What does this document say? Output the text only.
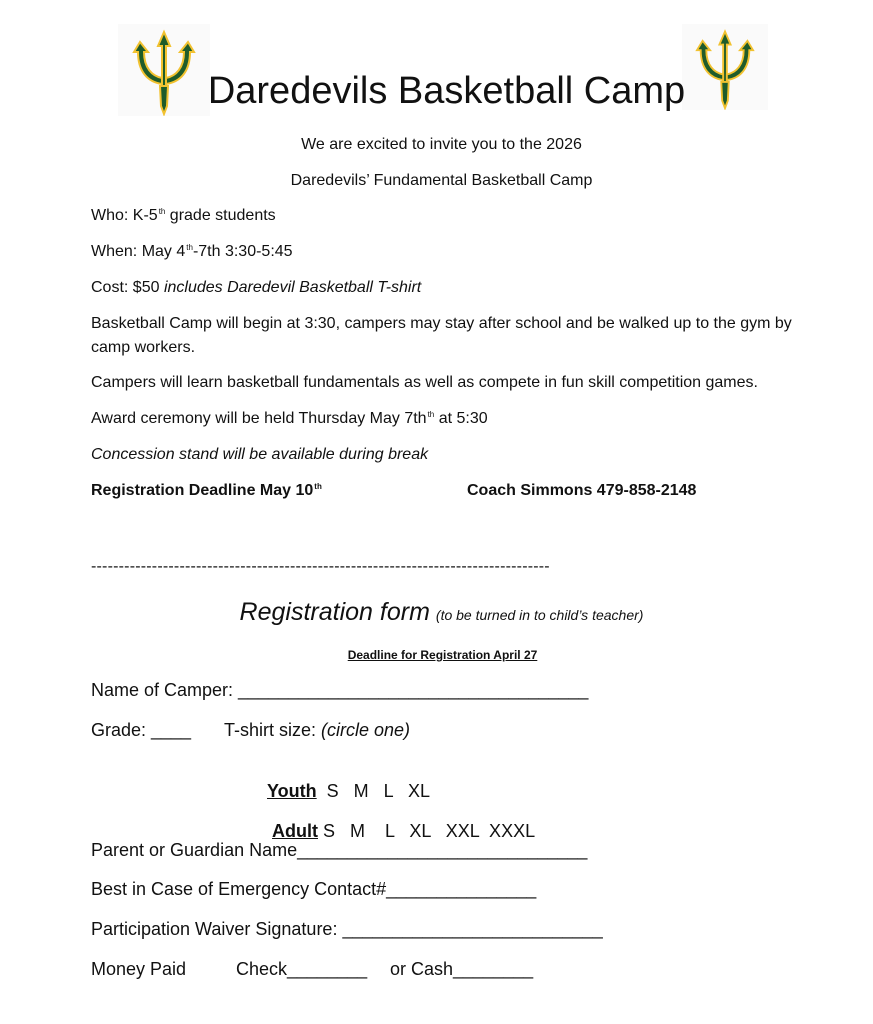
Daredevils Basketball Camp
We are excited to invite you to the 2026
Daredevils’ Fundamental Basketball Camp
Who: K-5th grade students
When: May 4th-7th 3:30-5:45
Cost: $50 includes Daredevil Basketball T-shirt
Basketball Camp will begin at 3:30, campers may stay after school and be walked up to the gym by camp workers.
Campers will learn basketball fundamentals as well as compete in fun skill competition games.
Award ceremony will be held Thursday May $7th^{th}$ at 5:30
Concession stand will be available during break
Registration Deadline May 10th	Coach Simmons 479-858-2148
-----------------------------------------------------------------------------------
Registration form (to be turned in to child’s teacher)
Deadline for Registration April 27
Name of Camper: ___________________________________
Grade: ____ T-shirt size: (circle one)

Youth  S   M   L   XL

Adult S   M    L   XL   XXL  XXXL

Parent or Guardian Name_____________________________
Best in Case of Emergency Contact#_______________
Participation Waiver Signature: __________________________
Money Paid	Check________ or Cash________
